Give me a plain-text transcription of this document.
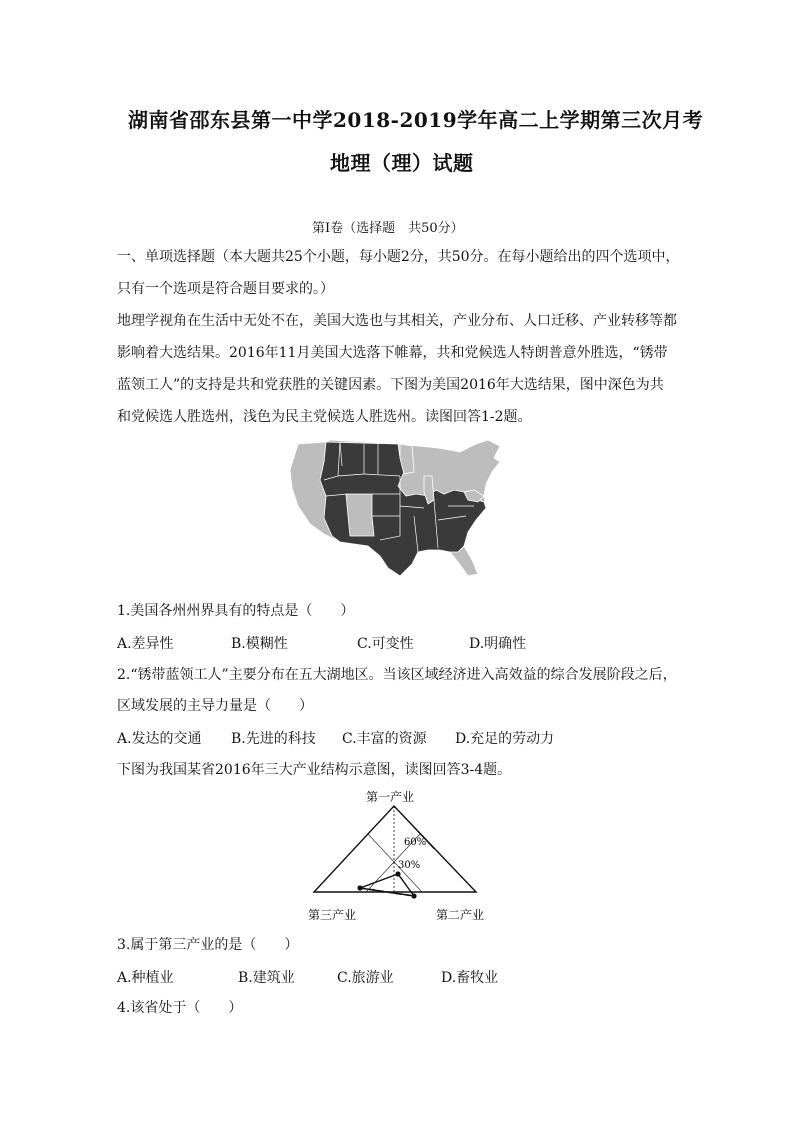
湖南省邵东县第一中学2018-2019学年高二上学期第三次月考
地理（理）试题
第Ⅰ卷（选择题　共50分）
一、单项选择题（本大题共25个小题，每小题2分，共50分。在每小题给出的四个选项中，
只有一个选项是符合题目要求的。）
地理学视角在生活中无处不在，美国大选也与其相关，产业分布、人口迁移、产业转移等都
影响着大选结果。2016年11月美国大选落下帷幕，共和党候选人特朗普意外胜选，“锈带
蓝领工人”的支持是共和党获胜的关键因素。下图为美国2016年大选结果，图中深色为共
和党候选人胜选州，浅色为民主党候选人胜选州。读图回答1-2题。
1.美国各州州界具有的特点是（　　）
A.差异性	B.模糊性	C.可变性	D.明确性
2.“锈带蓝领工人”主要分布在五大湖地区。当该区域经济进入高效益的综合发展阶段之后，
区域发展的主导力量是（　　）
A.发达的交通 B.先进的科技 C.丰富的资源 D.充足的劳动力
下图为我国某省2016年三大产业结构示意图，读图回答3-4题。
第一产业
第三产业	第二产业
60%
30%
3.属于第三产业的是（　　）
A.种植业	B.建筑业	C.旅游业	D.畜牧业
4.该省处于（　　）
